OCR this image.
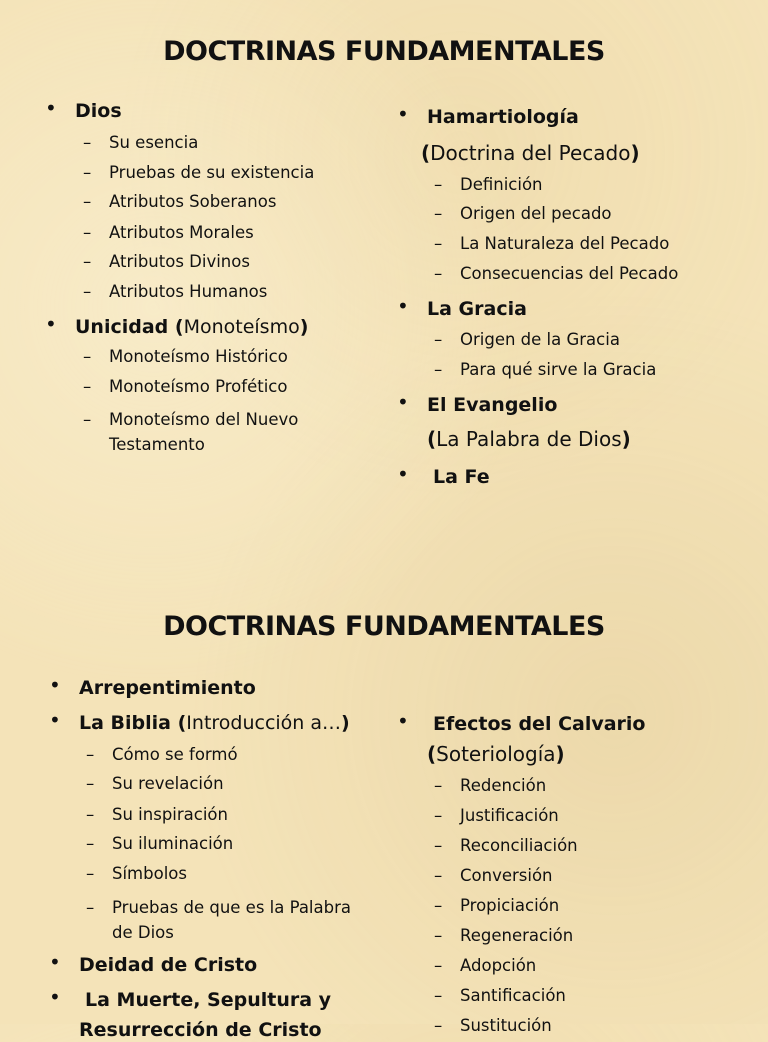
DOCTRINAS FUNDAMENTALES
• Dios
– Su esencia
– Pruebas de su existencia
– Atributos Soberanos
– Atributos Morales
– Atributos Divinos
– Atributos Humanos
• Unicidad (Monoteísmo)
– Monoteísmo Histórico
– Monoteísmo Profético
– Monoteísmo del Nuevo Testamento
• Hamartiología
(Doctrina del Pecado)
– Definición
– Origen del pecado
– La Naturaleza del Pecado
– Consecuencias del Pecado
• La Gracia
– Origen de la Gracia
– Para qué sirve la Gracia
• El Evangelio
(La Palabra de Dios)
• La Fe
DOCTRINAS FUNDAMENTALES
• Arrepentimiento
• La Biblia (Introducción a…)
– Cómo se formó
– Su revelación
– Su inspiración
– Su iluminación
– Símbolos
– Pruebas de que es la Palabra de Dios
• Deidad de Cristo
• La Muerte, Sepultura y
Resurrección de Cristo
• Efectos del Calvario
(Soteriología)
– Redención
– Justificación
– Reconciliación
– Conversión
– Propiciación
– Regeneración
– Adopción
– Santificación
– Sustitución
